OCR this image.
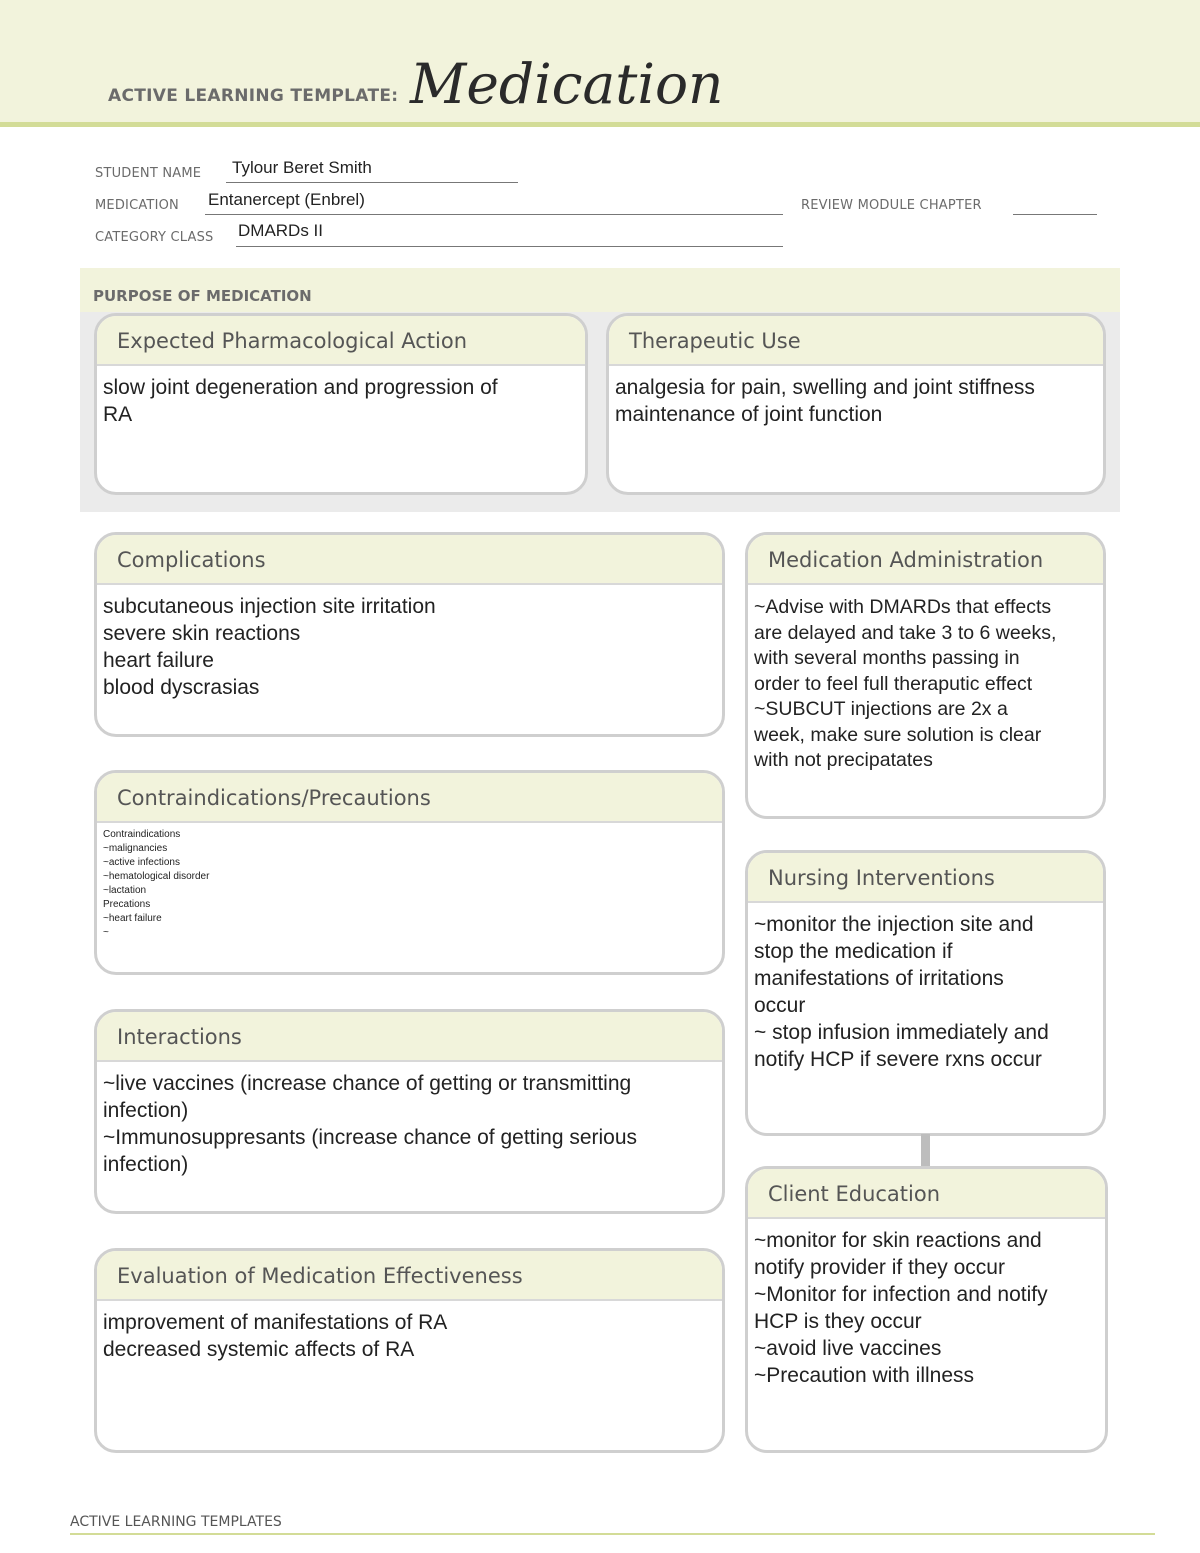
ACTIVE LEARNING TEMPLATE: Medication
STUDENT NAME Tylour Beret Smith
MEDICATION Entanercept (Enbrel)	REVIEW MODULE CHAPTER
CATEGORY CLASS DMARDs II
PURPOSE OF MEDICATION
Expected Pharmacological Action
slow joint degeneration and progression of
RA
Therapeutic Use
analgesia for pain, swelling and joint stiffness
maintenance of joint function
Complications
subcutaneous injection site irritation
severe skin reactions
heart failure
blood dyscrasias
Contraindications/Precautions
Contraindications
~malignancies
~active infections
~hematological disorder
~lactation
Precations
~heart failure
~
Interactions
~live vaccines (increase chance of getting or transmitting
infection)
~Immunosuppresants (increase chance of getting serious
infection)
Evaluation of Medication Effectiveness
improvement of manifestations of RA
decreased systemic affects of RA
Medication Administration
~Advise with DMARDs that effects
are delayed and take 3 to 6 weeks,
with several months passing in
order to feel full theraputic effect
~SUBCUT injections are 2x a
week, make sure solution is clear
with not precipatates
Nursing Interventions
~monitor the injection site and
stop the medication if
manifestations of irritations
occur
~ stop infusion immediately and
notify HCP if severe rxns occur
Client Education
~monitor for skin reactions and
notify provider if they occur
~Monitor for infection and notify
HCP is they occur
~avoid live vaccines
~Precaution with illness
ACTIVE LEARNING TEMPLATES
